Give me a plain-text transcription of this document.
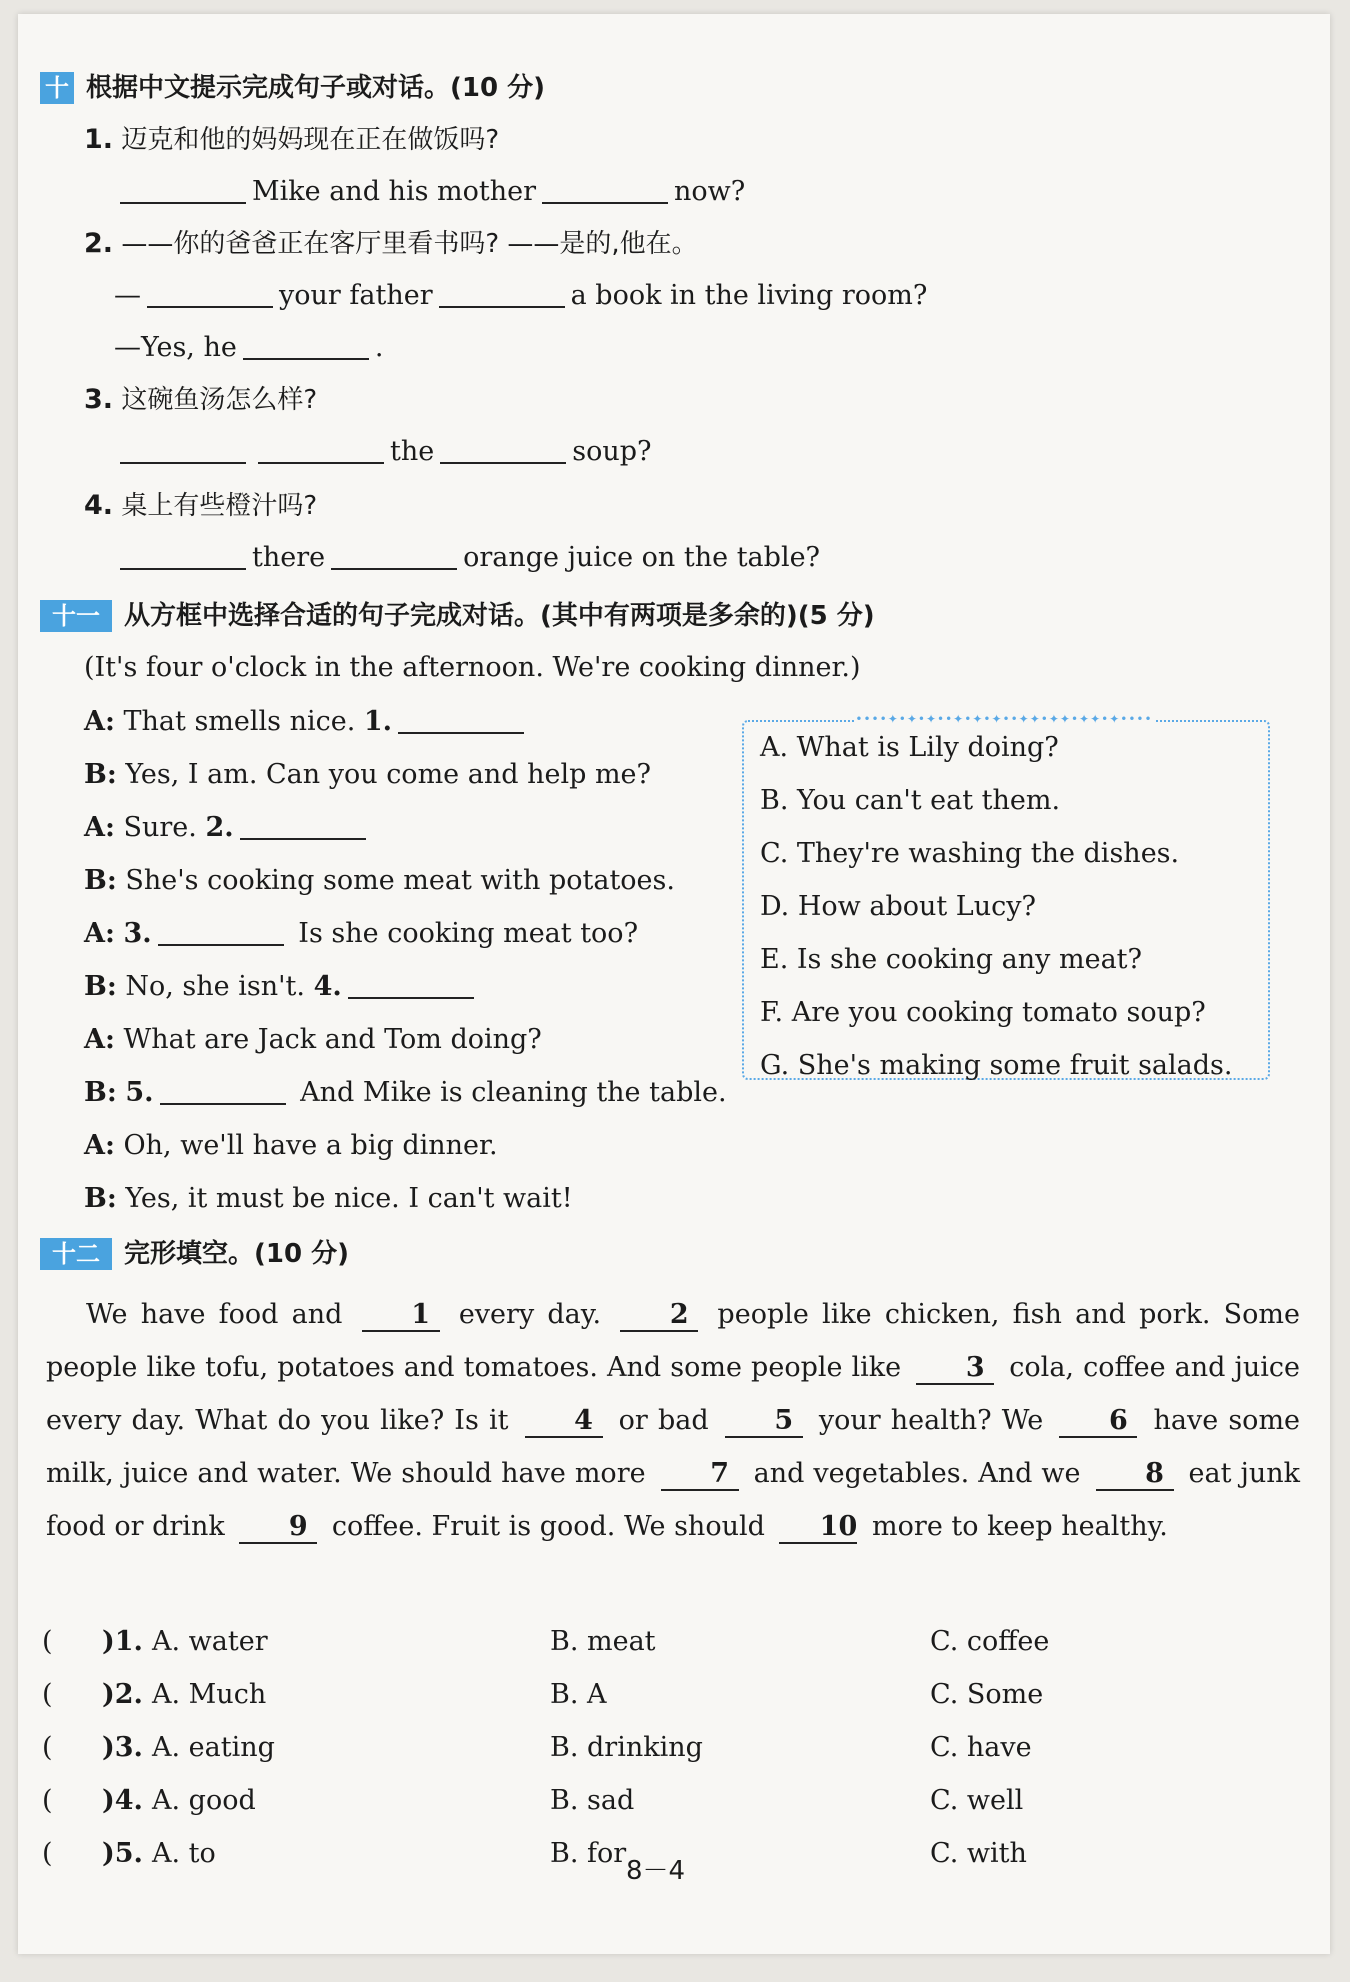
十 根据中文提示完成句子或对话。(10 分)
1. 迈克和他的妈妈现在正在做饭吗?
Mike and his mother	now?
2. ——你的爸爸正在客厅里看书吗? ——是的,他在。
—	your father	a book in the living room?
—Yes, he	.
3. 这碗鱼汤怎么样?
the	soup?
4. 桌上有些橙汁吗?
there	orange juice on the table?
十一 从方框中选择合适的句子完成对话。(其中有两项是多余的)(5 分)
(It's four o'clock in the afternoon. We're cooking dinner.)
A: That smells nice. 1.
B: Yes, I am. Can you come and help me?
A: Sure. 2.
B: She's cooking some meat with potatoes.
A: 3.	Is she cooking meat too?
B: No, she isn't. 4.
A: What are Jack and Tom doing?
B: 5.	And Mike is cleaning the table.
A: Oh, we'll have a big dinner.
B: Yes, it must be nice. I can't wait!
••••✦•✦•✦••✦•✦•✦••✦✦•✦✦•✦✦•✦••••
A. What is Lily doing?
B. You can't eat them.
C. They're washing the dishes.
D. How about Lucy?
E. Is she cooking any meat?
F. Are you cooking tomato soup?
G. She's making some fruit salads.
十二 完形填空。(10 分)
We have food and 1 every day. 2 people like chicken, fish and pork. Some people like tofu, potatoes and tomatoes. And some people like 3 cola, coffee and juice every day. What do you like? Is it 4 or bad 5 your health? We 6 have some milk, juice and water. We should have more 7 and vegetables. And we 8 eat junk food or drink 9 coffee. Fruit is good. We should 10 more to keep healthy.
( )1. A. water	B. meat	C. coffee
( )2. A. Much	B. A	C. Some
( )3. A. eating	B. drinking	C. have
( )4. A. good	B. sad	C. well
( )5. A. to	B. for	C. with
8－4
